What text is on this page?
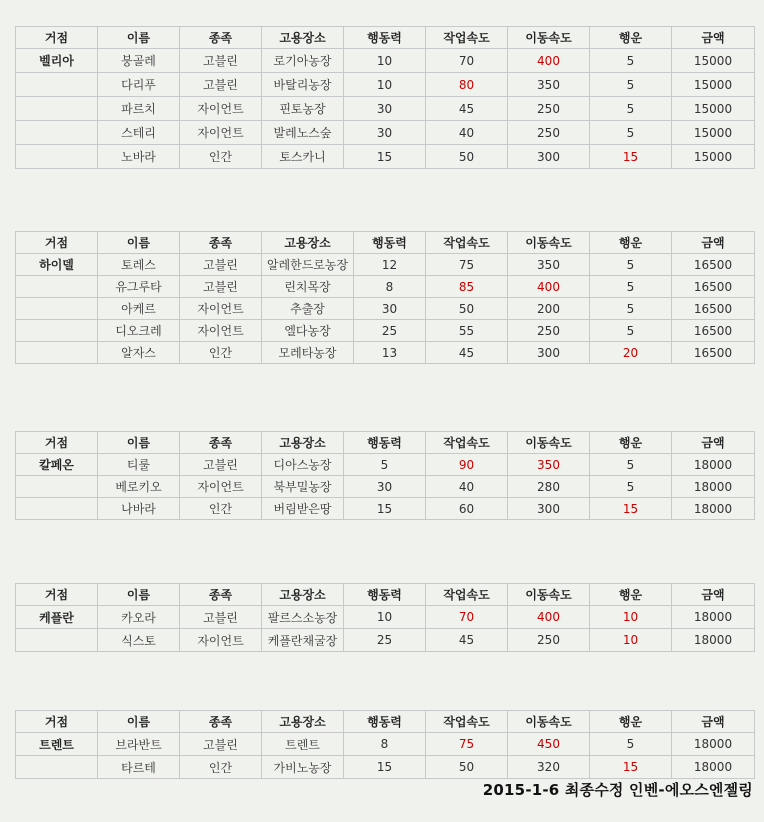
거점	이름	종족	고용장소	행동력	작업속도	이동속도	행운	금액
벨리아	붕골레	고블린	로기아농장	10	70	400	5	15000
	다리푸	고블린	바탈리농장	10	80	350	5	15000
	파르치	자이언트	핀토농장	30	45	250	5	15000
	스테리	자이언트	발레노스숲	30	40	250	5	15000
	노바라	인간	토스카니	15	50	300	15	15000
거점	이름	종족	고용장소	행동력	작업속도	이동속도	행운	금액
하이델	토레스	고블린	알레한드로농장	12	75	350	5	16500
	유그루타	고블린	린치목장	8	85	400	5	16500
	아케르	자이언트	추출장	30	50	200	5	16500
	디오크레	자이언트	엘다농장	25	55	250	5	16500
	알자스	인간	모레타농장	13	45	300	20	16500
거점	이름	종족	고용장소	행동력	작업속도	이동속도	행운	금액
칼페온	티룰	고블린	디아스농장	5	90	350	5	18000
	베로키오	자이언트	북부밀농장	30	40	280	5	18000
	나바라	인간	버림받은땅	15	60	300	15	18000
거점	이름	종족	고용장소	행동력	작업속도	이동속도	행운	금액
케플란	카오라	고블린	팔르스소농장	10	70	400	10	18000
	식스토	자이언트	케플란채굴장	25	45	250	10	18000
거점	이름	종족	고용장소	행동력	작업속도	이동속도	행운	금액
트렌트	브라반트	고블린	트렌트	8	75	450	5	18000
	타르테	인간	가비노농장	15	50	320	15	18000
2015-1-6 최종수정 인벤-에오스엔젤링
